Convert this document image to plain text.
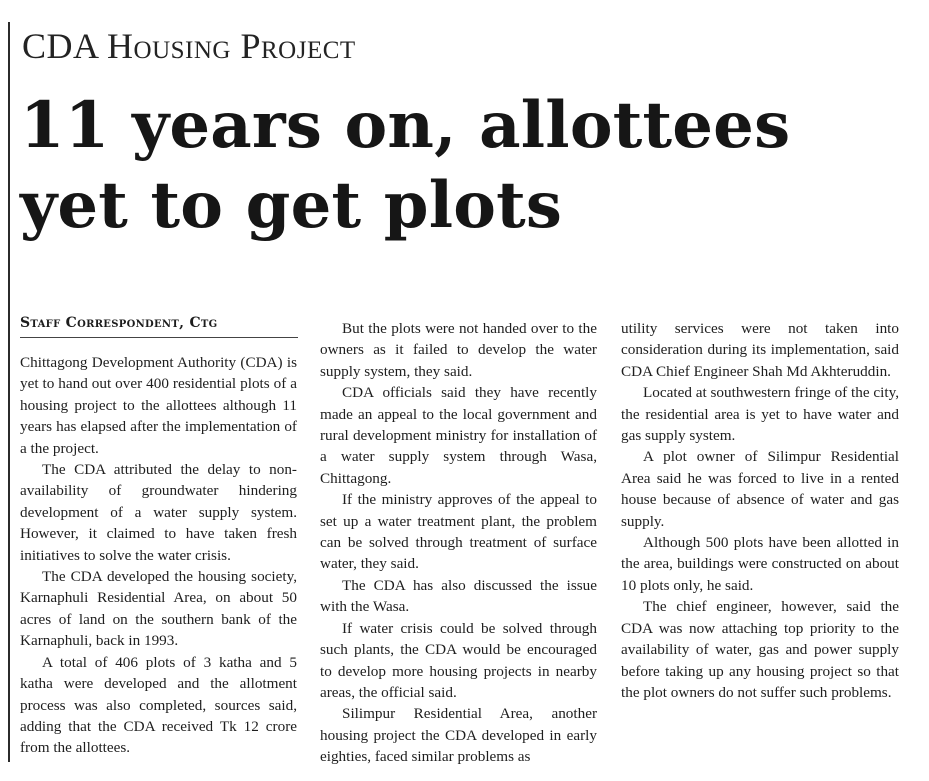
CDA Housing Project
11 years on, allottees
yet to get plots
Staff Correspondent, Ctg

Chittagong Development Authority (CDA) is yet to hand out over 400 residential plots of a housing project to the allottees although 11 years has elapsed after the implementation of a the project.

The CDA attributed the delay to non-availability of groundwater hindering development of a water supply system. However, it claimed to have taken fresh initiatives to solve the water crisis.

The CDA developed the housing society, Karnaphuli Residential Area, on about 50 acres of land on the southern bank of the Karnaphuli, back in 1993.

A total of 406 plots of 3 katha and 5 katha were developed and the allotment process was also completed, sources said, adding that the CDA received Tk 12 crore from the allottees.

But the plots were not handed over to the owners as it failed to develop the water supply system, they said.

CDA officials said they have recently made an appeal to the local government and rural development ministry for installation of a water supply system through Wasa, Chittagong.

If the ministry approves of the appeal to set up a water treatment plant, the problem can be solved through treatment of surface water, they said.

The CDA has also discussed the issue with the Wasa.

If water crisis could be solved through such plants, the CDA would be encouraged to develop more housing projects in nearby areas, the official said.

Silimpur Residential Area, another housing project the CDA developed in early eighties, faced similar problems as

utility services were not taken into consideration during its implementation, said CDA Chief Engineer Shah Md Akhteruddin.

Located at southwestern fringe of the city, the residential area is yet to have water and gas supply system.

A plot owner of Silimpur Residential Area said he was forced to live in a rented house because of absence of water and gas supply.

Although 500 plots have been allotted in the area, buildings were constructed on about 10 plots only, he said.

The chief engineer, however, said the CDA was now attaching top priority to the availability of water, gas and power supply before taking up any housing project so that the plot owners do not suffer such problems.
